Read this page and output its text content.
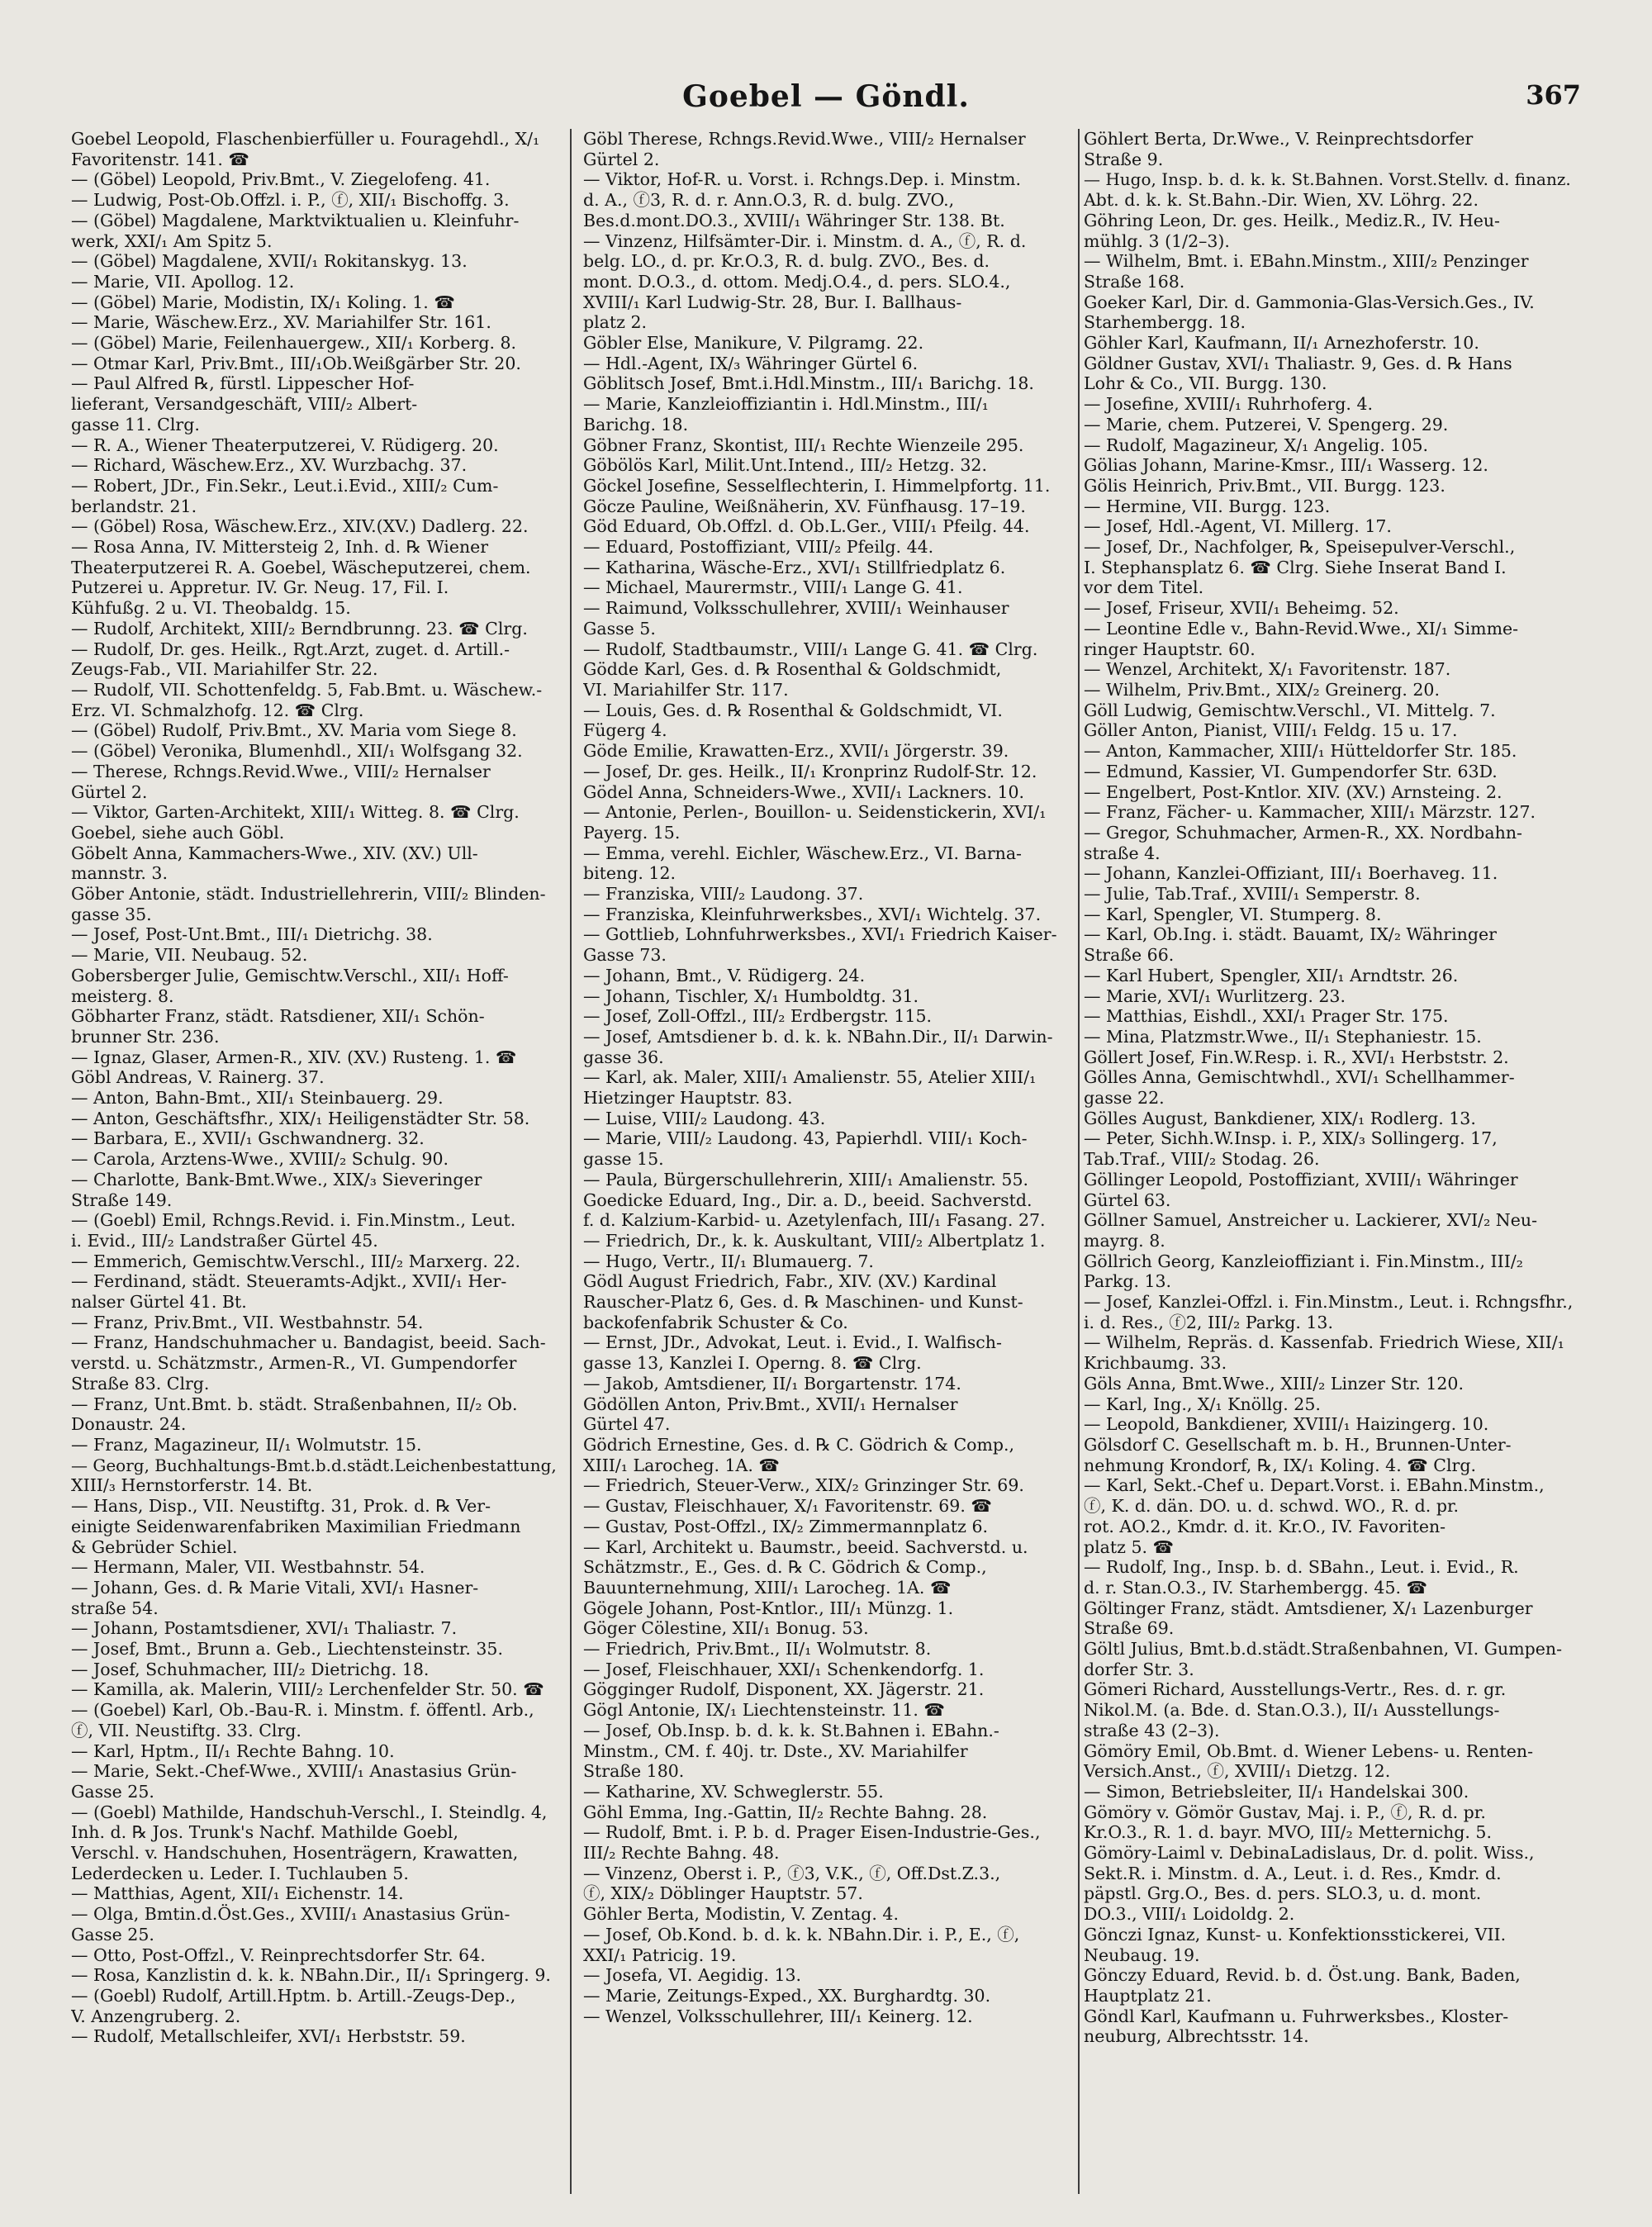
Goebel — Göndl.	367
Goebel Leopold, Flaschenbierfüller u. Fouragehdl., X/₁
Favoritenstr. 141. ☎
— (Göbel) Leopold, Priv.Bmt., V. Ziegelofeng. 41.
— Ludwig, Post-Ob.Offzl. i. P., ⓕ, XII/₁ Bischoffg. 3.
— (Göbel) Magdalene, Marktviktualien u. Kleinfuhr-
werk, XXI/₁ Am Spitz 5.
— (Göbel) Magdalene, XVII/₁ Rokitanskyg. 13.
— Marie, VII. Apollog. 12.
— (Göbel) Marie, Modistin, IX/₁ Koling. 1. ☎
— Marie, Wäschew.Erz., XV. Mariahilfer Str. 161.
— (Göbel) Marie, Feilenhauergew., XII/₁ Korberg. 8.
— Otmar Karl, Priv.Bmt., III/₁Ob.Weißgärber Str. 20.
— Paul Alfred ℞, fürstl. Lippescher Hof-
lieferant, Versandgeschäft, VIII/₂ Albert-
gasse 11. Clrg.
— R. A., Wiener Theaterputzerei, V. Rüdigerg. 20.
— Richard, Wäschew.Erz., XV. Wurzbachg. 37.
— Robert, JDr., Fin.Sekr., Leut.i.Evid., XIII/₂ Cum-
berlandstr. 21.
— (Göbel) Rosa, Wäschew.Erz., XIV.(XV.) Dadlerg. 22.
— Rosa Anna, IV. Mittersteig 2, Inh. d. ℞ Wiener
Theaterputzerei R. A. Goebel, Wäscheputzerei, chem.
Putzerei u. Appretur. IV. Gr. Neug. 17, Fil. I.
Kühfußg. 2 u. VI. Theobaldg. 15.
— Rudolf, Architekt, XIII/₂ Berndbrunng. 23. ☎ Clrg.
— Rudolf, Dr. ges. Heilk., Rgt.Arzt, zuget. d. Artill.-
Zeugs-Fab., VII. Mariahilfer Str. 22.
— Rudolf, VII. Schottenfeldg. 5, Fab.Bmt. u. Wäschew.-
Erz. VI. Schmalzhofg. 12. ☎ Clrg.
— (Göbel) Rudolf, Priv.Bmt., XV. Maria vom Siege 8.
— (Göbel) Veronika, Blumenhdl., XII/₁ Wolfsgang 32.
— Therese, Rchngs.Revid.Wwe., VIII/₂ Hernalser
Gürtel 2.
— Viktor, Garten-Architekt, XIII/₁ Witteg. 8. ☎ Clrg.
Goebel, siehe auch Göbl.
Göbelt Anna, Kammachers-Wwe., XIV. (XV.) Ull-
mannstr. 3.
Göber Antonie, städt. Industriellehrerin, VIII/₂ Blinden-
gasse 35.
— Josef, Post-Unt.Bmt., III/₁ Dietrichg. 38.
— Marie, VII. Neubaug. 52.
Gobersberger Julie, Gemischtw.Verschl., XII/₁ Hoff-
meisterg. 8.
Göbharter Franz, städt. Ratsdiener, XII/₁ Schön-
brunner Str. 236.
— Ignaz, Glaser, Armen-R., XIV. (XV.) Rusteng. 1. ☎
Göbl Andreas, V. Rainerg. 37.
— Anton, Bahn-Bmt., XII/₁ Steinbauerg. 29.
— Anton, Geschäftsfhr., XIX/₁ Heiligenstädter Str. 58.
— Barbara, E., XVII/₁ Gschwandnerg. 32.
— Carola, Arztens-Wwe., XVIII/₂ Schulg. 90.
— Charlotte, Bank-Bmt.Wwe., XIX/₃ Sieveringer
Straße 149.
— (Goebl) Emil, Rchngs.Revid. i. Fin.Minstm., Leut.
i. Evid., III/₂ Landstraßer Gürtel 45.
— Emmerich, Gemischtw.Verschl., III/₂ Marxerg. 22.
— Ferdinand, städt. Steueramts-Adjkt., XVII/₁ Her-
nalser Gürtel 41. Bt.
— Franz, Priv.Bmt., VII. Westbahnstr. 54.
— Franz, Handschuhmacher u. Bandagist, beeid. Sach-
verstd. u. Schätzmstr., Armen-R., VI. Gumpendorfer
Straße 83. Clrg.
— Franz, Unt.Bmt. b. städt. Straßenbahnen, II/₂ Ob.
Donaustr. 24.
— Franz, Magazineur, II/₁ Wolmutstr. 15.
— Georg, Buchhaltungs-Bmt.b.d.städt.Leichenbestattung,
XIII/₃ Hernstorferstr. 14. Bt.
— Hans, Disp., VII. Neustiftg. 31, Prok. d. ℞ Ver-
einigte Seidenwarenfabriken Maximilian Friedmann
& Gebrüder Schiel.
— Hermann, Maler, VII. Westbahnstr. 54.
— Johann, Ges. d. ℞ Marie Vitali, XVI/₁ Hasner-
straße 54.
— Johann, Postamtsdiener, XVI/₁ Thaliastr. 7.
— Josef, Bmt., Brunn a. Geb., Liechtensteinstr. 35.
— Josef, Schuhmacher, III/₂ Dietrichg. 18.
— Kamilla, ak. Malerin, VIII/₂ Lerchenfelder Str. 50. ☎
— (Goebel) Karl, Ob.-Bau-R. i. Minstm. f. öffentl. Arb.,
ⓕ, VII. Neustiftg. 33. Clrg.
— Karl, Hptm., II/₁ Rechte Bahng. 10.
— Marie, Sekt.-Chef-Wwe., XVIII/₁ Anastasius Grün-
Gasse 25.
— (Goebl) Mathilde, Handschuh-Verschl., I. Steindlg. 4,
Inh. d. ℞ Jos. Trunk's Nachf. Mathilde Goebl,
Verschl. v. Handschuhen, Hosenträgern, Krawatten,
Lederdecken u. Leder. I. Tuchlauben 5.
— Matthias, Agent, XII/₁ Eichenstr. 14.
— Olga, Bmtin.d.Öst.Ges., XVIII/₁ Anastasius Grün-
Gasse 25.
— Otto, Post-Offzl., V. Reinprechtsdorfer Str. 64.
— Rosa, Kanzlistin d. k. k. NBahn.Dir., II/₁ Springerg. 9.
— (Goebl) Rudolf, Artill.Hptm. b. Artill.-Zeugs-Dep.,
V. Anzengruberg. 2.
— Rudolf, Metallschleifer, XVI/₁ Herbststr. 59.
Göbl Therese, Rchngs.Revid.Wwe., VIII/₂ Hernalser
Gürtel 2.
— Viktor, Hof-R. u. Vorst. i. Rchngs.Dep. i. Minstm.
d. A., ⓕ3, R. d. r. Ann.O.3, R. d. bulg. ZVO.,
Bes.d.mont.DO.3., XVIII/₁ Währinger Str. 138. Bt.
— Vinzenz, Hilfsämter-Dir. i. Minstm. d. A., ⓕ, R. d.
belg. LO., d. pr. Kr.O.3, R. d. bulg. ZVO., Bes. d.
mont. D.O.3., d. ottom. Medj.O.4., d. pers. SLO.4.,
XVIII/₁ Karl Ludwig-Str. 28, Bur. I. Ballhaus-
platz 2.
Göbler Else, Manikure, V. Pilgramg. 22.
— Hdl.-Agent, IX/₃ Währinger Gürtel 6.
Göblitsch Josef, Bmt.i.Hdl.Minstm., III/₁ Barichg. 18.
— Marie, Kanzleioffiziantin i. Hdl.Minstm., III/₁
Barichg. 18.
Göbner Franz, Skontist, III/₁ Rechte Wienzeile 295.
Göbölös Karl, Milit.Unt.Intend., III/₂ Hetzg. 32.
Göckel Josefine, Sesselflechterin, I. Himmelpfortg. 11.
Göcze Pauline, Weißnäherin, XV. Fünfhausg. 17–19.
Göd Eduard, Ob.Offzl. d. Ob.L.Ger., VIII/₁ Pfeilg. 44.
— Eduard, Postoffiziant, VIII/₂ Pfeilg. 44.
— Katharina, Wäsche-Erz., XVI/₁ Stillfriedplatz 6.
— Michael, Maurermstr., VIII/₁ Lange G. 41.
— Raimund, Volksschullehrer, XVIII/₁ Weinhauser
Gasse 5.
— Rudolf, Stadtbaumstr., VIII/₁ Lange G. 41. ☎ Clrg.
Gödde Karl, Ges. d. ℞ Rosenthal & Goldschmidt,
VI. Mariahilfer Str. 117.
— Louis, Ges. d. ℞ Rosenthal & Goldschmidt, VI.
Fügerg 4.
Göde Emilie, Krawatten-Erz., XVII/₁ Jörgerstr. 39.
— Josef, Dr. ges. Heilk., II/₁ Kronprinz Rudolf-Str. 12.
Gödel Anna, Schneiders-Wwe., XVII/₁ Lackners. 10.
— Antonie, Perlen-, Bouillon- u. Seidenstickerin, XVI/₁
Payerg. 15.
— Emma, verehl. Eichler, Wäschew.Erz., VI. Barna-
biteng. 12.
— Franziska, VIII/₂ Laudong. 37.
— Franziska, Kleinfuhrwerksbes., XVI/₁ Wichtelg. 37.
— Gottlieb, Lohnfuhrwerksbes., XVI/₁ Friedrich Kaiser-
Gasse 73.
— Johann, Bmt., V. Rüdigerg. 24.
— Johann, Tischler, X/₁ Humboldtg. 31.
— Josef, Zoll-Offzl., III/₂ Erdbergstr. 115.
— Josef, Amtsdiener b. d. k. k. NBahn.Dir., II/₁ Darwin-
gasse 36.
— Karl, ak. Maler, XIII/₁ Amalienstr. 55, Atelier XIII/₁
Hietzinger Hauptstr. 83.
— Luise, VIII/₂ Laudong. 43.
— Marie, VIII/₂ Laudong. 43, Papierhdl. VIII/₁ Koch-
gasse 15.
— Paula, Bürgerschullehrerin, XIII/₁ Amalienstr. 55.
Goedicke Eduard, Ing., Dir. a. D., beeid. Sachverstd.
f. d. Kalzium-Karbid- u. Azetylenfach, III/₁ Fasang. 27.
— Friedrich, Dr., k. k. Auskultant, VIII/₂ Albertplatz 1.
— Hugo, Vertr., II/₁ Blumauerg. 7.
Gödl August Friedrich, Fabr., XIV. (XV.) Kardinal
Rauscher-Platz 6, Ges. d. ℞ Maschinen- und Kunst-
backofenfabrik Schuster & Co.
— Ernst, JDr., Advokat, Leut. i. Evid., I. Walfisch-
gasse 13, Kanzlei I. Operng. 8. ☎ Clrg.
— Jakob, Amtsdiener, II/₁ Borgartenstr. 174.
Gödöllen Anton, Priv.Bmt., XVII/₁ Hernalser
Gürtel 47.
Gödrich Ernestine, Ges. d. ℞ C. Gödrich & Comp.,
XIII/₁ Larocheg. 1A. ☎
— Friedrich, Steuer-Verw., XIX/₂ Grinzinger Str. 69.
— Gustav, Fleischhauer, X/₁ Favoritenstr. 69. ☎
— Gustav, Post-Offzl., IX/₂ Zimmermannplatz 6.
— Karl, Architekt u. Baumstr., beeid. Sachverstd. u.
Schätzmstr., E., Ges. d. ℞ C. Gödrich & Comp.,
Bauunternehmung, XIII/₁ Larocheg. 1A. ☎
Gögele Johann, Post-Kntlor., III/₁ Münzg. 1.
Göger Cölestine, XII/₁ Bonug. 53.
— Friedrich, Priv.Bmt., II/₁ Wolmutstr. 8.
— Josef, Fleischhauer, XXI/₁ Schenkendorfg. 1.
Gögginger Rudolf, Disponent, XX. Jägerstr. 21.
Gögl Antonie, IX/₁ Liechtensteinstr. 11. ☎
— Josef, Ob.Insp. b. d. k. k. St.Bahnen i. EBahn.-
Minstm., CM. f. 40j. tr. Dste., XV. Mariahilfer
Straße 180.
— Katharine, XV. Schweglerstr. 55.
Göhl Emma, Ing.-Gattin, II/₂ Rechte Bahng. 28.
— Rudolf, Bmt. i. P. b. d. Prager Eisen-Industrie-Ges.,
III/₂ Rechte Bahng. 48.
— Vinzenz, Oberst i. P., ⓕ3, V.K., ⓕ, Off.Dst.Z.3.,
ⓕ, XIX/₂ Döblinger Hauptstr. 57.
Göhler Berta, Modistin, V. Zentag. 4.
— Josef, Ob.Kond. b. d. k. k. NBahn.Dir. i. P., E., ⓕ,
XXI/₁ Patricig. 19.
— Josefa, VI. Aegidig. 13.
— Marie, Zeitungs-Exped., XX. Burghardtg. 30.
— Wenzel, Volksschullehrer, III/₁ Keinerg. 12.
Göhlert Berta, Dr.Wwe., V. Reinprechtsdorfer
Straße 9.
— Hugo, Insp. b. d. k. k. St.Bahnen. Vorst.Stellv. d. finanz.
Abt. d. k. k. St.Bahn.-Dir. Wien, XV. Löhrg. 22.
Göhring Leon, Dr. ges. Heilk., Mediz.R., IV. Heu-
mühlg. 3 (1/2–3).
— Wilhelm, Bmt. i. EBahn.Minstm., XIII/₂ Penzinger
Straße 168.
Goeker Karl, Dir. d. Gammonia-Glas-Versich.Ges., IV.
Starhembergg. 18.
Göhler Karl, Kaufmann, II/₁ Arnezhoferstr. 10.
Göldner Gustav, XVI/₁ Thaliastr. 9, Ges. d. ℞ Hans
Lohr & Co., VII. Burgg. 130.
— Josefine, XVIII/₁ Ruhrhoferg. 4.
— Marie, chem. Putzerei, V. Spengerg. 29.
— Rudolf, Magazineur, X/₁ Angelig. 105.
Gölias Johann, Marine-Kmsr., III/₁ Wasserg. 12.
Gölis Heinrich, Priv.Bmt., VII. Burgg. 123.
— Hermine, VII. Burgg. 123.
— Josef, Hdl.-Agent, VI. Millerg. 17.
— Josef, Dr., Nachfolger, ℞, Speisepulver-Verschl.,
I. Stephansplatz 6. ☎ Clrg. Siehe Inserat Band I.
vor dem Titel.
— Josef, Friseur, XVII/₁ Beheimg. 52.
— Leontine Edle v., Bahn-Revid.Wwe., XI/₁ Simme-
ringer Hauptstr. 60.
— Wenzel, Architekt, X/₁ Favoritenstr. 187.
— Wilhelm, Priv.Bmt., XIX/₂ Greinerg. 20.
Göll Ludwig, Gemischtw.Verschl., VI. Mittelg. 7.
Göller Anton, Pianist, VIII/₁ Feldg. 15 u. 17.
— Anton, Kammacher, XIII/₁ Hütteldorfer Str. 185.
— Edmund, Kassier, VI. Gumpendorfer Str. 63D.
— Engelbert, Post-Kntlor. XIV. (XV.) Arnsteing. 2.
— Franz, Fächer- u. Kammacher, XIII/₁ Märzstr. 127.
— Gregor, Schuhmacher, Armen-R., XX. Nordbahn-
straße 4.
— Johann, Kanzlei-Offiziant, III/₁ Boerhaveg. 11.
— Julie, Tab.Traf., XVIII/₁ Semperstr. 8.
— Karl, Spengler, VI. Stumperg. 8.
— Karl, Ob.Ing. i. städt. Bauamt, IX/₂ Währinger
Straße 66.
— Karl Hubert, Spengler, XII/₁ Arndtstr. 26.
— Marie, XVI/₁ Wurlitzerg. 23.
— Matthias, Eishdl., XXI/₁ Prager Str. 175.
— Mina, Platzmstr.Wwe., II/₁ Stephaniestr. 15.
Göllert Josef, Fin.W.Resp. i. R., XVI/₁ Herbststr. 2.
Gölles Anna, Gemischtwhdl., XVI/₁ Schellhammer-
gasse 22.
Gölles August, Bankdiener, XIX/₁ Rodlerg. 13.
— Peter, Sichh.W.Insp. i. P., XIX/₃ Sollingerg. 17,
Tab.Traf., VIII/₂ Stodag. 26.
Göllinger Leopold, Postoffiziant, XVIII/₁ Währinger
Gürtel 63.
Göllner Samuel, Anstreicher u. Lackierer, XVI/₂ Neu-
mayrg. 8.
Göllrich Georg, Kanzleioffiziant i. Fin.Minstm., III/₂
Parkg. 13.
— Josef, Kanzlei-Offzl. i. Fin.Minstm., Leut. i. Rchngsfhr.,
i. d. Res., ⓕ2, III/₂ Parkg. 13.
— Wilhelm, Repräs. d. Kassenfab. Friedrich Wiese, XII/₁
Krichbaumg. 33.
Göls Anna, Bmt.Wwe., XIII/₂ Linzer Str. 120.
— Karl, Ing., X/₁ Knöllg. 25.
— Leopold, Bankdiener, XVIII/₁ Haizingerg. 10.
Gölsdorf C. Gesellschaft m. b. H., Brunnen-Unter-
nehmung Krondorf, ℞, IX/₁ Koling. 4. ☎ Clrg.
— Karl, Sekt.-Chef u. Depart.Vorst. i. EBahn.Minstm.,
ⓕ, K. d. dän. DO. u. d. schwd. WO., R. d. pr.
rot. AO.2., Kmdr. d. it. Kr.O., IV. Favoriten-
platz 5. ☎
— Rudolf, Ing., Insp. b. d. SBahn., Leut. i. Evid., R.
d. r. Stan.O.3., IV. Starhembergg. 45. ☎
Göltinger Franz, städt. Amtsdiener, X/₁ Lazenburger
Straße 69.
Göltl Julius, Bmt.b.d.städt.Straßenbahnen, VI. Gumpen-
dorfer Str. 3.
Gömeri Richard, Ausstellungs-Vertr., Res. d. r. gr.
Nikol.M. (a. Bde. d. Stan.O.3.), II/₁ Ausstellungs-
straße 43 (2–3).
Gömöry Emil, Ob.Bmt. d. Wiener Lebens- u. Renten-
Versich.Anst., ⓕ, XVIII/₁ Dietzg. 12.
— Simon, Betriebsleiter, II/₁ Handelskai 300.
Gömöry v. Gömör Gustav, Maj. i. P., ⓕ, R. d. pr.
Kr.O.3., R. 1. d. bayr. MVO, III/₂ Metternichg. 5.
Gömöry-Laiml v. DebinaLadislaus, Dr. d. polit. Wiss.,
Sekt.R. i. Minstm. d. A., Leut. i. d. Res., Kmdr. d.
päpstl. Grg.O., Bes. d. pers. SLO.3, u. d. mont.
DO.3., VIII/₁ Loidoldg. 2.
Gönczi Ignaz, Kunst- u. Konfektionsstickerei, VII.
Neubaug. 19.
Gönczy Eduard, Revid. b. d. Öst.ung. Bank, Baden,
Hauptplatz 21.
Göndl Karl, Kaufmann u. Fuhrwerksbes., Kloster-
neuburg, Albrechtsstr. 14.
